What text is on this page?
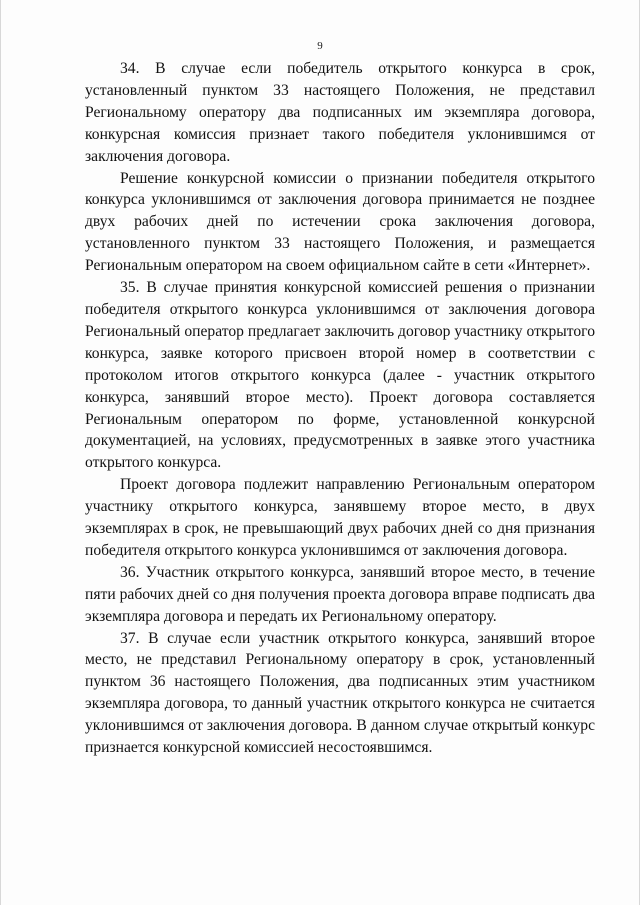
9

34. В случае если победитель открытого конкурса в срок, установленный пунктом 33 настоящего Положения, не представил Региональному оператору два подписанных им экземпляра договора, конкурсная комиссия признает такого победителя уклонившимся от заключения договора.

Решение конкурсной комиссии о признании победителя открытого конкурса уклонившимся от заключения договора принимается не позднее двух рабочих дней по истечении срока заключения договора, установленного пунктом 33 настоящего Положения, и размещается Региональным оператором на своем официальном сайте в сети «Интернет».

35. В случае принятия конкурсной комиссией решения о признании победителя открытого конкурса уклонившимся от заключения договора Региональный оператор предлагает заключить договор участнику открытого конкурса, заявке которого присвоен второй номер в соответствии с протоколом итогов открытого конкурса (далее - участник открытого конкурса, занявший второе место). Проект договора составляется Региональным оператором по форме, установленной конкурсной документацией, на условиях, предусмотренных в заявке этого участника открытого конкурса.

Проект договора подлежит направлению Региональным оператором участнику открытого конкурса, занявшему второе место, в двух экземплярах в срок, не превышающий двух рабочих дней со дня признания победителя открытого конкурса уклонившимся от заключения договора.

36. Участник открытого конкурса, занявший второе место, в течение пяти рабочих дней со дня получения проекта договора вправе подписать два экземпляра договора и передать их Региональному оператору.

37. В случае если участник открытого конкурса, занявший второе место, не представил Региональному оператору в срок, установленный пунктом 36 настоящего Положения, два подписанных этим участником экземпляра договора, то данный участник открытого конкурса не считается уклонившимся от заключения договора. В данном случае открытый конкурс признается конкурсной комиссией несостоявшимся.
